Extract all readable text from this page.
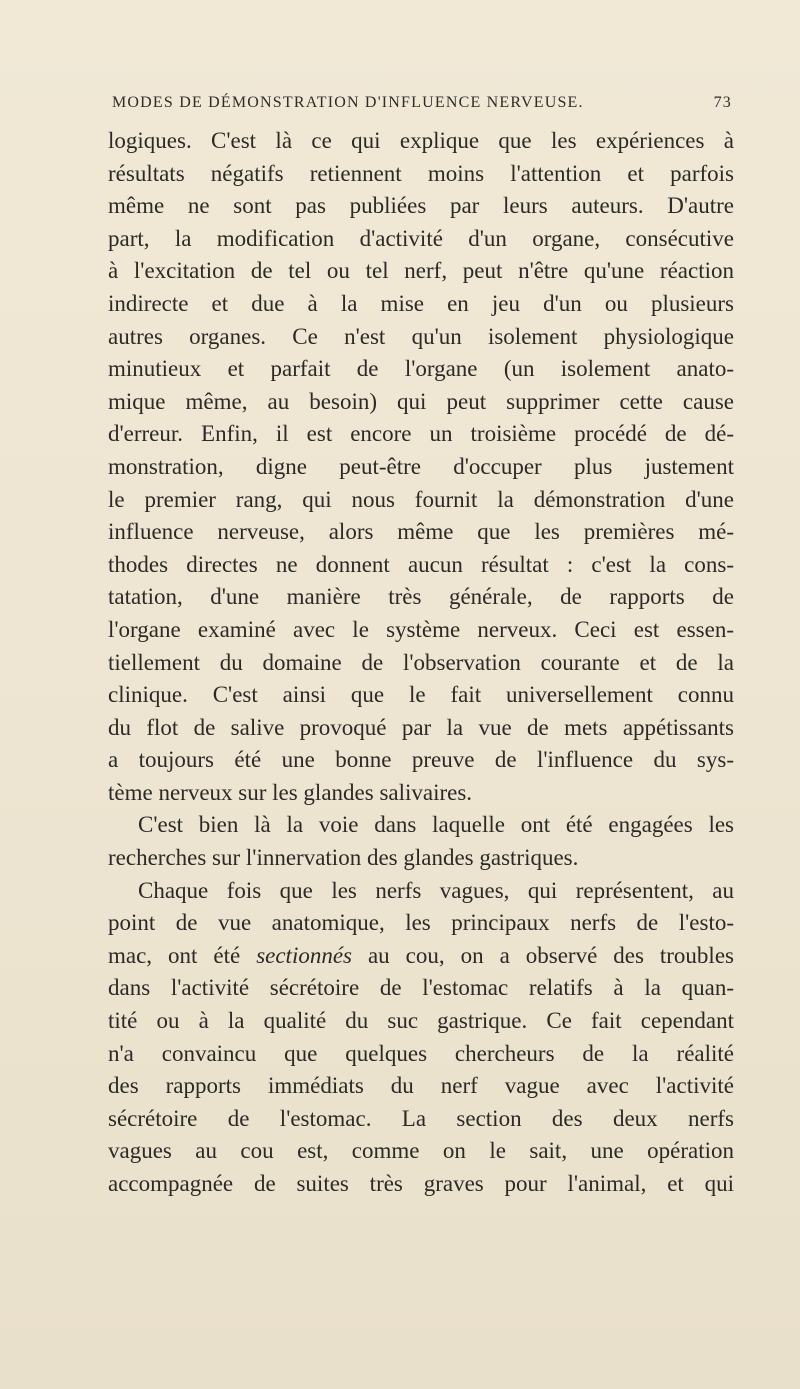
MODES DE DÉMONSTRATION D'INFLUENCE NERVEUSE.	73
logiques. C'est là ce qui explique que les expériences à
résultats négatifs retiennent moins l'attention et parfois
même ne sont pas publiées par leurs auteurs. D'autre
part, la modification d'activité d'un organe, consécutive
à l'excitation de tel ou tel nerf, peut n'être qu'une réaction
indirecte et due à la mise en jeu d'un ou plusieurs
autres organes. Ce n'est qu'un isolement physiologique
minutieux et parfait de l'organe (un isolement anato-
mique même, au besoin) qui peut supprimer cette cause
d'erreur. Enfin, il est encore un troisième procédé de dé-
monstration, digne peut-être d'occuper plus justement
le premier rang, qui nous fournit la démonstration d'une
influence nerveuse, alors même que les premières mé-
thodes directes ne donnent aucun résultat : c'est la cons-
tatation, d'une manière très générale, de rapports de
l'organe examiné avec le système nerveux. Ceci est essen-
tiellement du domaine de l'observation courante et de la
clinique. C'est ainsi que le fait universellement connu
du flot de salive provoqué par la vue de mets appétissants
a toujours été une bonne preuve de l'influence du sys-
tème nerveux sur les glandes salivaires.
C'est bien là la voie dans laquelle ont été engagées les
recherches sur l'innervation des glandes gastriques.
Chaque fois que les nerfs vagues, qui représentent, au
point de vue anatomique, les principaux nerfs de l'esto-
mac, ont été sectionnés au cou, on a observé des troubles
dans l'activité sécrétoire de l'estomac relatifs à la quan-
tité ou à la qualité du suc gastrique. Ce fait cependant
n'a convaincu que quelques chercheurs de la réalité
des rapports immédiats du nerf vague avec l'activité
sécrétoire de l'estomac. La section des deux nerfs
vagues au cou est, comme on le sait, une opération
accompagnée de suites très graves pour l'animal, et qui
